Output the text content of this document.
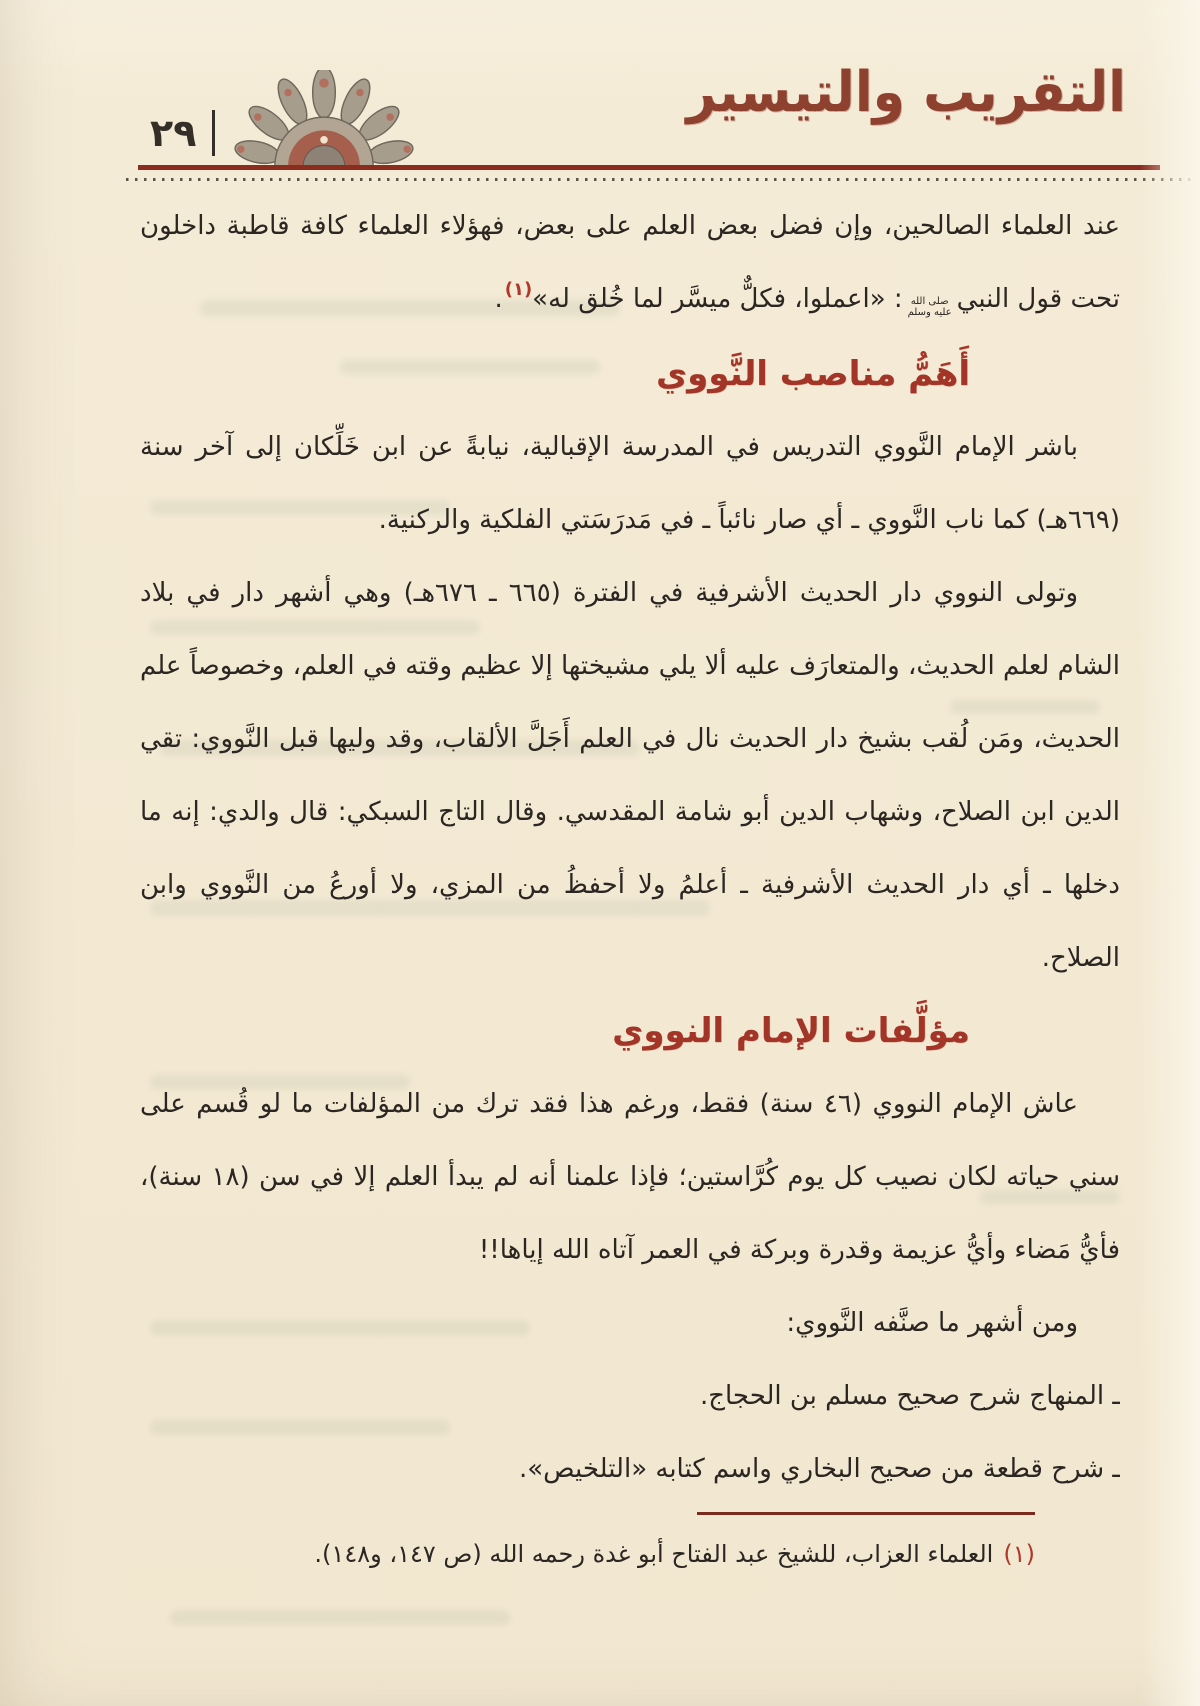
التقريب والتيسير
٢٩

عند العلماء الصالحين، وإن فضل بعض العلم على بعض، فهؤلاء العلماء كافة قاطبة داخلون تحت قول النبيصلى الله عليه وسلم: «اعملوا، فكلٌّ ميسَّر لما خُلق له»$^{(١)}$.

أَهَمُّ مناصب النَّووي

باشر الإمام النَّووي التدريس في المدرسة الإقبالية، نيابةً عن ابن خَلِّكان إلى آخر سنة (٦٦٩هـ) كما ناب النَّووي ـ أي صار نائباً ـ في مَدرَسَتي الفلكية والركنية.

وتولى النووي دار الحديث الأشرفية في الفترة (٦٦٥ ـ ٦٧٦هـ) وهي أشهر دار في بلاد الشام لعلم الحديث، والمتعارَف عليه ألا يلي مشيختها إلا عظيم وقته في العلم، وخصوصاً علم الحديث، ومَن لُقب بشيخ دار الحديث نال في العلم أَجَلَّ الألقاب، وقد وليها قبل النَّووي: تقي الدين ابن الصلاح، وشهاب الدين أبو شامة المقدسي. وقال التاج السبكي: قال والدي: إنه ما دخلها ـ أي دار الحديث الأشرفية ـ أعلمُ ولا أحفظُ من المزي، ولا أورعُ من النَّووي وابن الصلاح.

مؤلَّفات الإمام النووي

عاش الإمام النووي (٤٦ سنة) فقط، ورغم هذا فقد ترك من المؤلفات ما لو قُسم على سني حياته لكان نصيب كل يوم كُرَّاستين؛ فإذا علمنا أنه لم يبدأ العلم إلا في سن (١٨ سنة)، فأيُّ مَضاء وأيُّ عزيمة وقدرة وبركة في العمر آتاه الله إياها!!

ومن أشهر ما صنَّفه النَّووي:

ـ المنهاج شرح صحيح مسلم بن الحجاج.
ـ شرح قطعة من صحيح البخاري واسم كتابه «التلخيص».
(١)العلماء العزاب، للشيخ عبد الفتاح أبو غدة رحمه الله (ص ١٤٧، و١٤٨).
